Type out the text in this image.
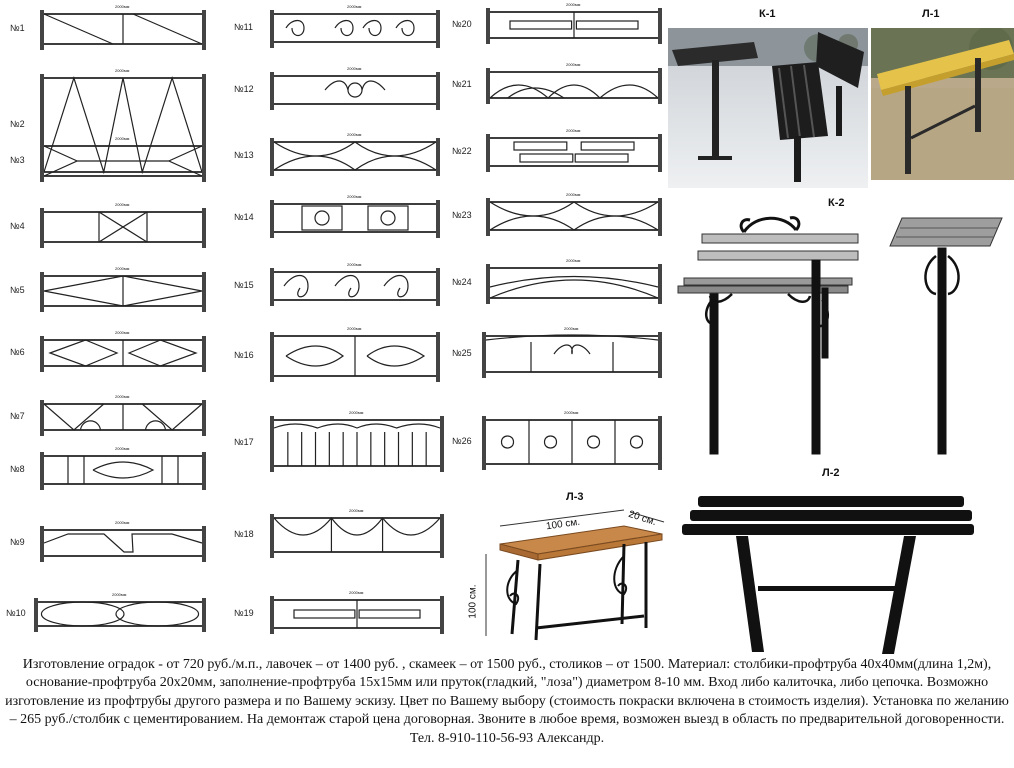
№1
2000мм
№2
2000мм
№3
2000мм
№4
2000мм
№5
2000мм
№6
2000мм
№7
2000мм
№8
2000мм
№9
2000мм
№10
2000мм
№11
2000мм
№12
2000мм
№13
2000мм
№14
2000мм
№15
2000мм
№16
2000мм
№17
2000мм
№18
2000мм
№19
2000мм
№20
2000мм
№21
2000мм
№22
2000мм
№23
2000мм
№24
2000мм
№25
2000мм
№26
2000мм
К-1	Л-1
К-2
Л-2
Л-3
100 см.	20 см.
100 см.
Изготовление оградок - от 720 руб./м.п., лавочек – от 1400 руб. , скамеек – от 1500 руб., столиков – от 1500. Материал: столбики-профтруба 40х40мм(длина 1,2м), основание-профтруба 20х20мм, заполнение-профтруба 15х15мм или пруток(гладкий, "лоза") диаметром 8-10 мм. Вход либо калиточка, либо цепочка. Возможно изготовление из профтрубы другого размера и по Вашему эскизу. Цвет по Вашему выбору (стоимость покраски включена в стоимость изделия). Установка по желанию – 265 руб./столбик с цементированием. На демонтаж старой цена договорная. Звоните в любое время, возможен выезд в область по предварительной договоренности. Тел. 8-910-110-56-93 Александр.
